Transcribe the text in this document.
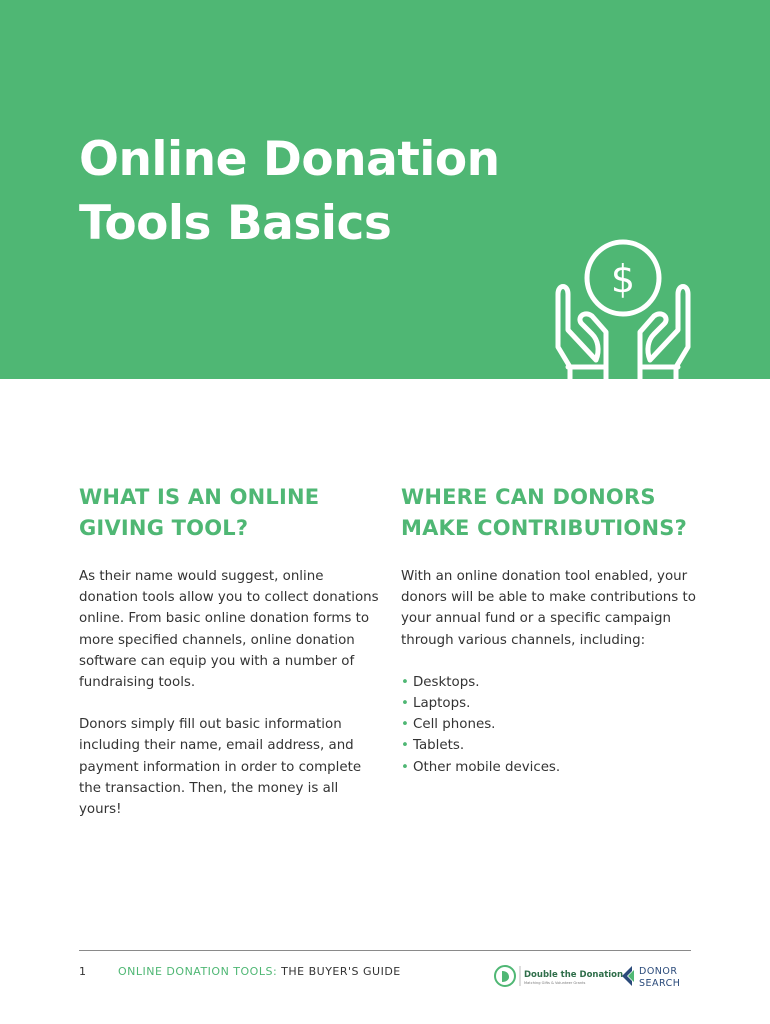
Online Donation
Tools Basics
$
WHAT IS AN ONLINE
GIVING TOOL?

As their name would suggest, online donation tools allow you to collect donations online. From basic online donation forms to more specified channels, online donation software can equip you with a number of fundraising tools.

Donors simply fill out basic information including their name, email address, and payment information in order to complete the transaction. Then, the money is all yours!

WHERE CAN DONORS
MAKE CONTRIBUTIONS?

With an online donation tool enabled, your donors will be able to make contributions to your annual fund or a specific campaign through various channels, including:

• Desktops.
• Laptops.
• Cell phones.
• Tablets.
• Other mobile devices.
1	ONLINE DONATION TOOLS: THE BUYER'S GUIDE	Double the Donation
Matching Gifts & Volunteer Grants
DONOR
SEARCH
